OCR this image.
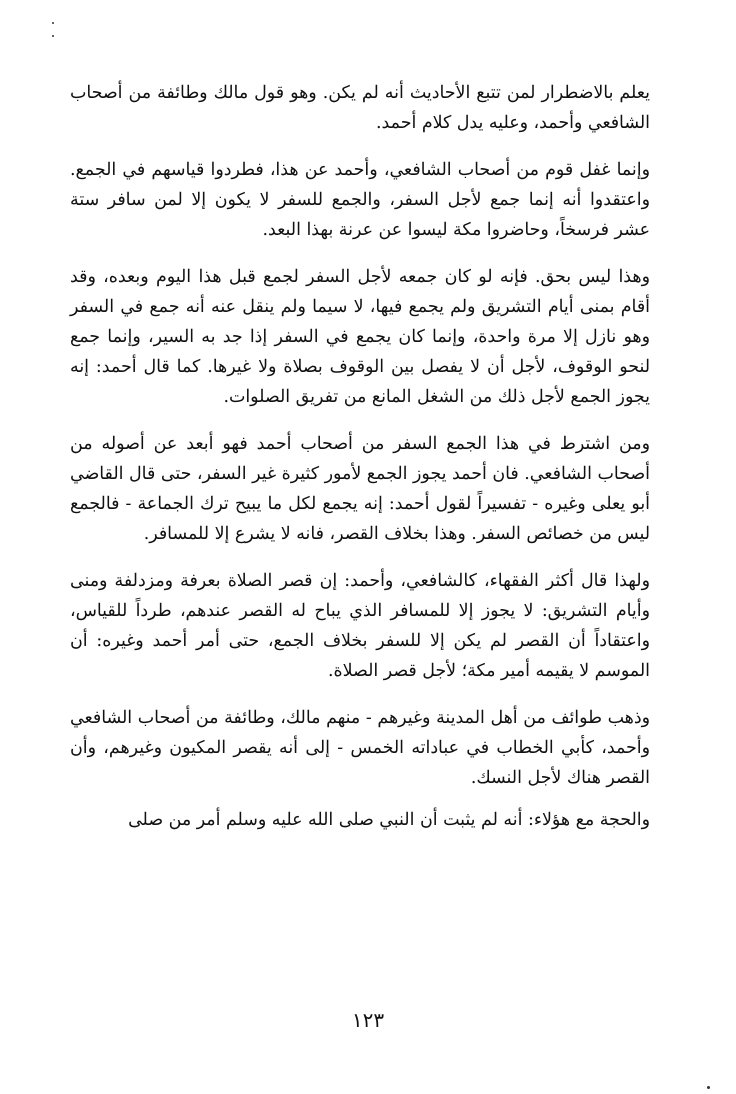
يعلم بالاضطرار لمن تتبع الأحاديث أنه لم يكن. وهو قول مالك وطائفة من أصحاب الشافعي وأحمد، وعليه يدل كلام أحمد.

وإنما غفل قوم من أصحاب الشافعي، وأحمد عن هذا، فطردوا قياسهم في الجمع. واعتقدوا أنه إنما جمع لأجل السفر، والجمع للسفر لا يكون إلا لمن سافر ستة عشر فرسخاً، وحاضروا مكة ليسوا عن عرنة بهذا البعد.

وهذا ليس بحق. فإنه لو كان جمعه لأجل السفر لجمع قبل هذا اليوم وبعده، وقد أقام بمنى أيام التشريق ولم يجمع فيها، لا سيما ولم ينقل عنه أنه جمع في السفر وهو نازل إلا مرة واحدة، وإنما كان يجمع في السفر إذا جد به السير، وإنما جمع لنحو الوقوف، لأجل أن لا يفصل بين الوقوف بصلاة ولا غيرها. كما قال أحمد: إنه يجوز الجمع لأجل ذلك من الشغل المانع من تفريق الصلوات.

ومن اشترط في هذا الجمع السفر من أصحاب أحمد فهو أبعد عن أصوله من أصحاب الشافعي. فان أحمد يجوز الجمع لأمور كثيرة غير السفر، حتى قال القاضي أبو يعلى وغيره - تفسيراً لقول أحمد: إنه يجمع لكل ما يبيح ترك الجماعة - فالجمع ليس من خصائص السفر. وهذا بخلاف القصر، فانه لا يشرع إلا للمسافر.

ولهذا قال أكثر الفقهاء، كالشافعي، وأحمد: إن قصر الصلاة بعرفة ومزدلفة ومنى وأيام التشريق: لا يجوز إلا للمسافر الذي يباح له القصر عندهم، طرداً للقياس، واعتقاداً أن القصر لم يكن إلا للسفر بخلاف الجمع، حتى أمر أحمد وغيره: أن الموسم لا يقيمه أمير مكة؛ لأجل قصر الصلاة.

وذهب طوائف من أهل المدينة وغيرهم - منهم مالك، وطائفة من أصحاب الشافعي وأحمد، كأبي الخطاب في عباداته الخمس - إلى أنه يقصر المكيون وغيرهم، وأن القصر هناك لأجل النسك.

والحجة مع هؤلاء: أنه لم يثبت أن النبي صلى الله عليه وسلم أمر من صلى

١٢٣
